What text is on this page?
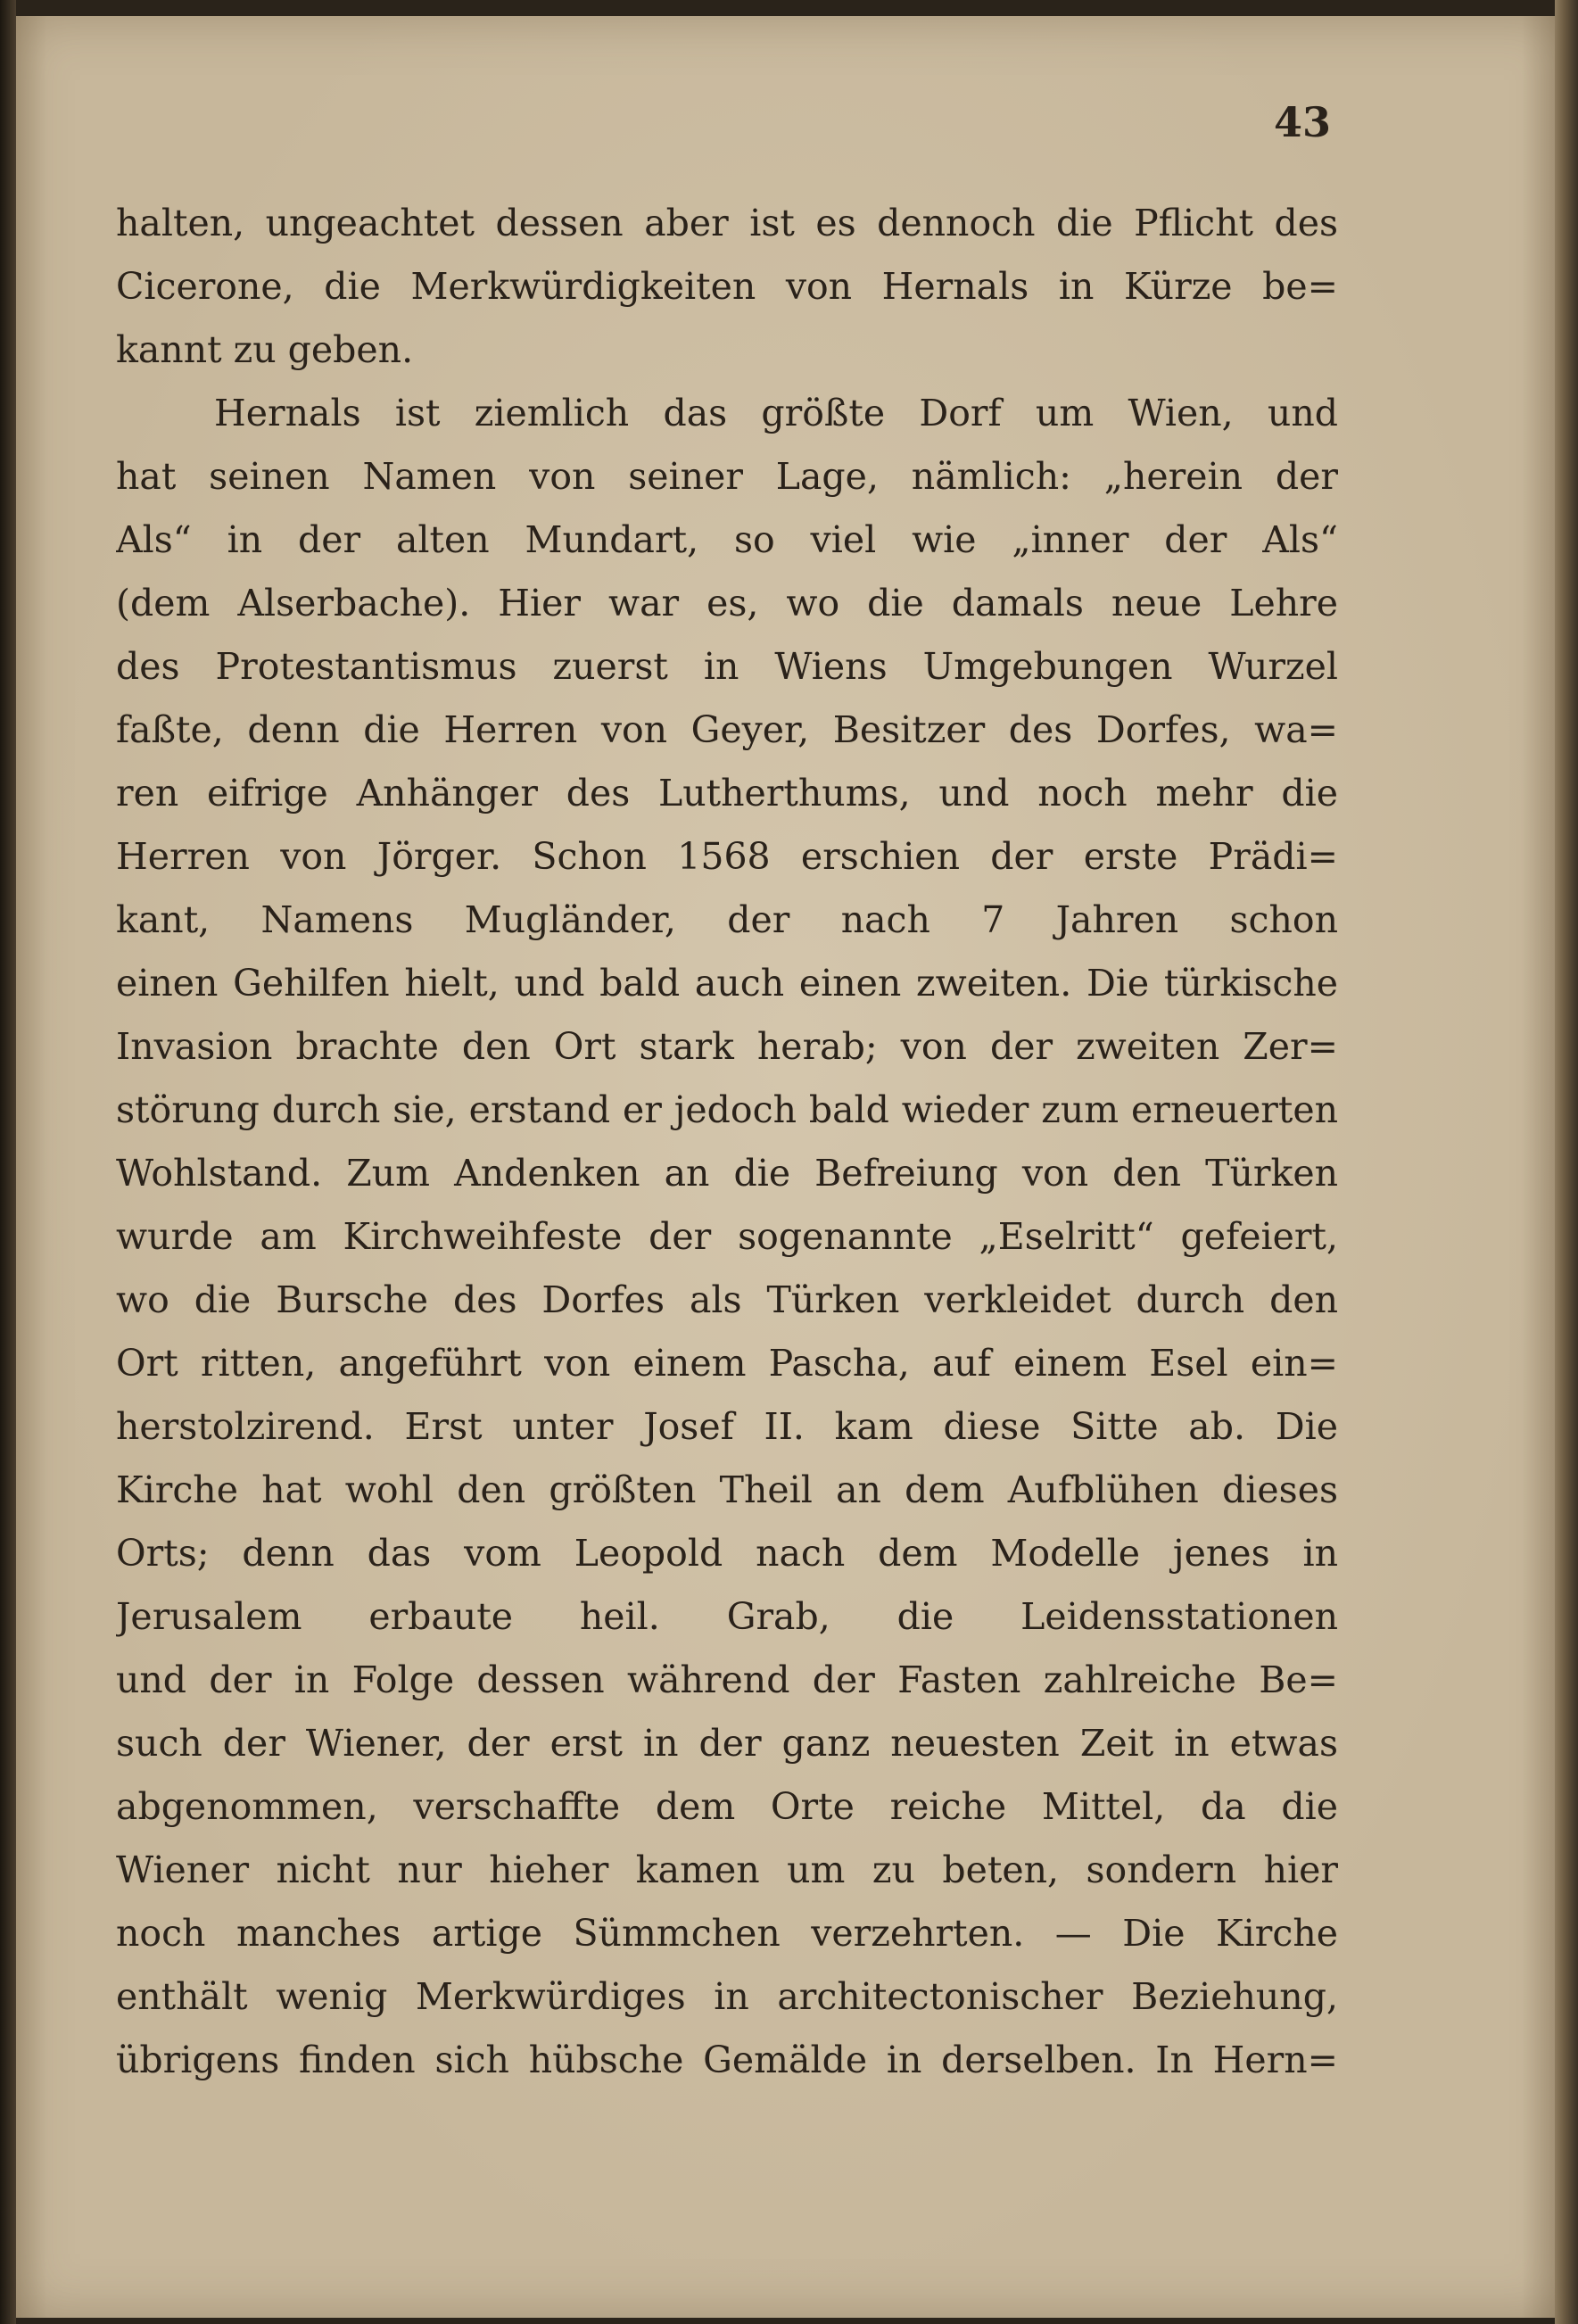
43
halten, ungeachtet dessen aber ist es dennoch die Pflicht des
Cicerone, die Merkwürdigkeiten von Hernals in Kürze be=
kannt zu geben.
Hernals ist ziemlich das größte Dorf um Wien, und
hat seinen Namen von seiner Lage, nämlich: „herein der
Als“ in der alten Mundart, so viel wie „inner der Als“
(dem Alserbache). Hier war es, wo die damals neue Lehre
des Protestantismus zuerst in Wiens Umgebungen Wurzel
faßte, denn die Herren von Geyer, Besitzer des Dorfes, wa=
ren eifrige Anhänger des Lutherthums, und noch mehr die
Herren von Jörger. Schon 1568 erschien der erste Prädi=
kant, Namens Mugländer, der nach 7 Jahren schon
einen Gehilfen hielt, und bald auch einen zweiten. Die türkische
Invasion brachte den Ort stark herab; von der zweiten Zer=
störung durch sie, erstand er jedoch bald wieder zum erneuerten
Wohlstand. Zum Andenken an die Befreiung von den Türken
wurde am Kirchweihfeste der sogenannte „Eselritt“ gefeiert,
wo die Bursche des Dorfes als Türken verkleidet durch den
Ort ritten, angeführt von einem Pascha, auf einem Esel ein=
herstolzirend. Erst unter Josef II. kam diese Sitte ab. Die
Kirche hat wohl den größten Theil an dem Aufblühen dieses
Orts; denn das vom Leopold nach dem Modelle jenes in
Jerusalem erbaute heil. Grab, die Leidensstationen
und der in Folge dessen während der Fasten zahlreiche Be=
such der Wiener, der erst in der ganz neuesten Zeit in etwas
abgenommen, verschaffte dem Orte reiche Mittel, da die
Wiener nicht nur hieher kamen um zu beten, sondern hier
noch manches artige Sümmchen verzehrten. — Die Kirche
enthält wenig Merkwürdiges in architectonischer Beziehung,
übrigens finden sich hübsche Gemälde in derselben. In Hern=
